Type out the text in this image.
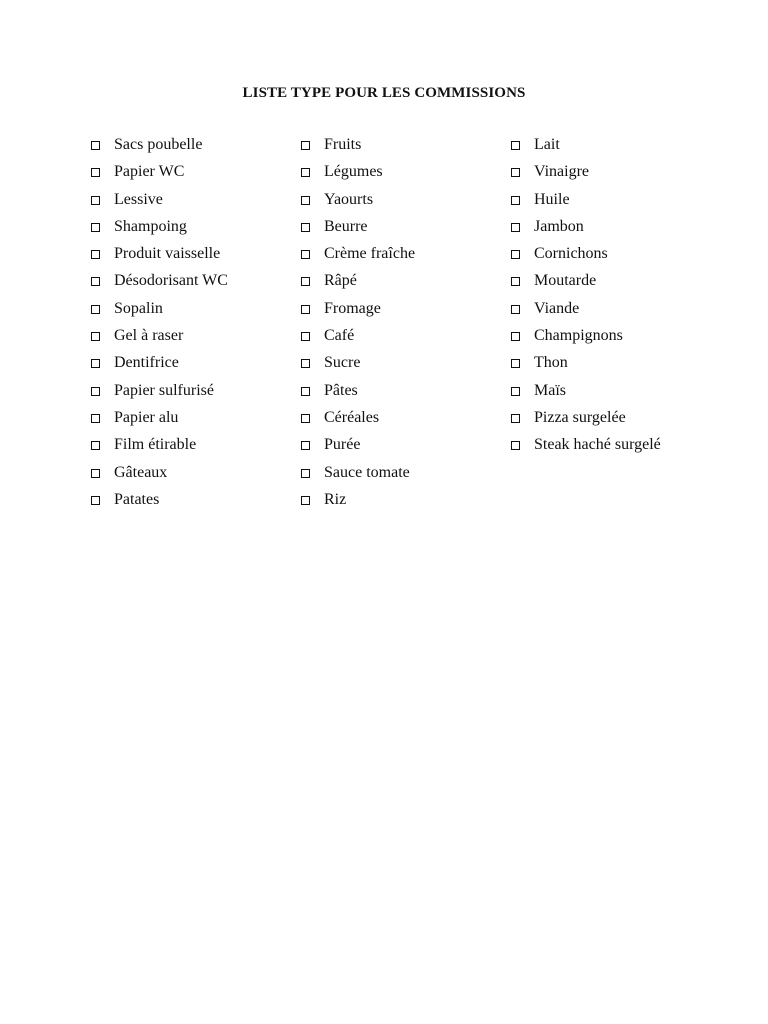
LISTE TYPE POUR LES COMMISSIONS
Sacs poubelle
Papier WC
Lessive
Shampoing
Produit vaisselle
Désodorisant WC
Sopalin
Gel à raser
Dentifrice
Papier sulfurisé
Papier alu
Film étirable
Gâteaux
Patates
Fruits
Légumes
Yaourts
Beurre
Crème fraîche
Râpé
Fromage
Café
Sucre
Pâtes
Céréales
Purée
Sauce tomate
Riz
Lait
Vinaigre
Huile
Jambon
Cornichons
Moutarde
Viande
Champignons
Thon
Maïs
Pizza surgelée
Steak haché surgelé
